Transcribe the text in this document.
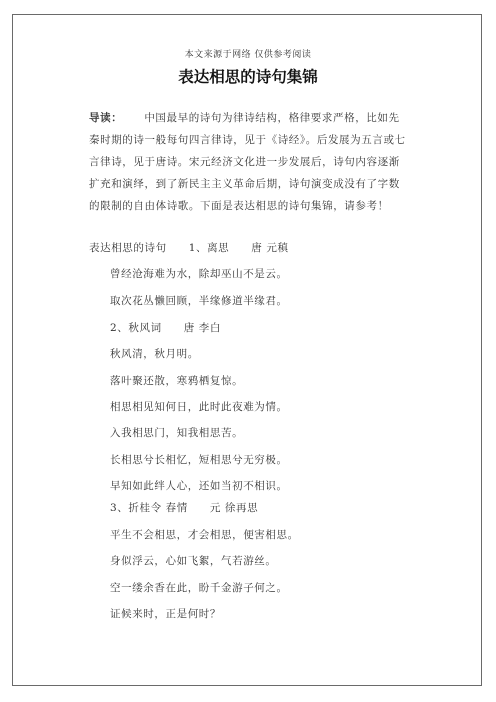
本文来源于网络 仅供参考阅读
表达相思的诗句集锦
导读： 中国最早的诗句为律诗结构，格律要求严格，比如先秦时期的诗一般每句四言律诗，见于《诗经》。后发展为五言或七言律诗，见于唐诗。宋元经济文化进一步发展后，诗句内容逐渐扩充和演绎，到了新民主主义革命后期，诗句演变成没有了字数的限制的自由体诗歌。下面是表达相思的诗句集锦，请参考！
表达相思的诗句 1、离思 唐 元稹
曾经沧海难为水，除却巫山不是云。
取次花丛懒回顾，半缘修道半缘君。
2、秋风词 唐 李白
秋风清，秋月明。
落叶聚还散，寒鸦栖复惊。
相思相见知何日，此时此夜难为情。
入我相思门，知我相思苦。
长相思兮长相忆，短相思兮无穷极。
早知如此绊人心，还如当初不相识。
3、折桂令 春情 元 徐再思
平生不会相思，才会相思，便害相思。
身似浮云，心如飞絮，气若游丝。
空一缕余香在此，盼千金游子何之。
证候来时，正是何时？
